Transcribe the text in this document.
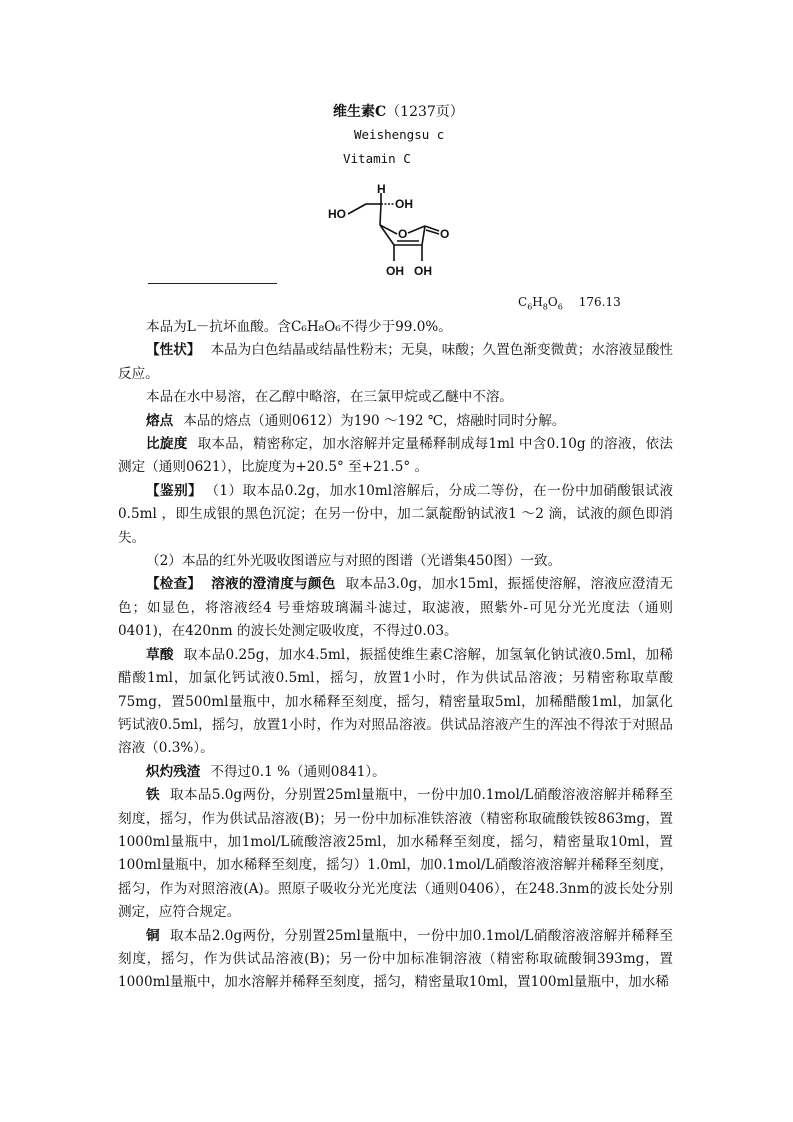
维生素C（1237页）
Weishengsu c
Vitamin C
H
OH
HO
O	O
OH OH
$C_6H_8O_6$ 176.13

本品为L－抗坏血酸。含C₆H₈O₆不得少于99.0%。

【性状】 本品为白色结晶或结晶性粉末；无臭，味酸；久置色渐变微黄；水溶液显酸性反应。

本品在水中易溶，在乙醇中略溶，在三氯甲烷或乙醚中不溶。

熔点 本品的熔点（通则0612）为190 ～192 ℃，熔融时同时分解。

比旋度 取本品，精密称定，加水溶解并定量稀释制成每1ml 中含0.10g 的溶液，依法测定（通则0621），比旋度为+20.5° 至+21.5° 。

【鉴别】 （1）取本品0.2g，加水10ml溶解后，分成二等份，在一份中加硝酸银试液0.5ml ，即生成银的黑色沉淀；在另一份中，加二氯靛酚钠试液1 ～2 滴，试液的颜色即消失。

（2）本品的红外光吸收图谱应与对照的图谱（光谱集450图）一致。

【检查】 溶液的澄清度与颜色 取本品3.0g，加水15ml，振摇使溶解，溶液应澄清无色；如显色，将溶液经4 号垂熔玻璃漏斗滤过，取滤液，照紫外-可见分光光度法（通则0401)，在420nm 的波长处测定吸收度，不得过0.03。

草酸 取本品0.25g，加水4.5ml，振摇使维生素C溶解，加氢氧化钠试液0.5ml，加稀醋酸1ml，加氯化钙试液0.5ml，摇匀，放置1小时，作为供试品溶液；另精密称取草酸75mg，置500ml量瓶中，加水稀释至刻度，摇匀，精密量取5ml，加稀醋酸1ml，加氯化钙试液0.5ml，摇匀，放置1小时，作为对照品溶液。供试品溶液产生的浑浊不得浓于对照品溶液（0.3%）。

炽灼残渣 不得过0.1 %（通则0841）。

铁 取本品5.0g两份，分别置25ml量瓶中，一份中加0.1mol/L硝酸溶液溶解并稀释至刻度，摇匀，作为供试品溶液(B)；另一份中加标准铁溶液（精密称取硫酸铁铵863mg，置1000ml量瓶中，加1mol/L硫酸溶液25ml，加水稀释至刻度，摇匀，精密量取10ml，置100ml量瓶中，加水稀释至刻度，摇匀）1.0ml，加0.1mol/L硝酸溶液溶解并稀释至刻度，摇匀，作为对照溶液(A)。照原子吸收分光光度法（通则0406），在248.3nm的波长处分别测定，应符合规定。

铜 取本品2.0g两份，分别置25ml量瓶中，一份中加0.1mol/L硝酸溶液溶解并稀释至刻度，摇匀，作为供试品溶液(B)；另一份中加标准铜溶液（精密称取硫酸铜393mg，置1000ml量瓶中，加水溶解并稀释至刻度，摇匀，精密量取10ml，置100ml量瓶中，加水稀
